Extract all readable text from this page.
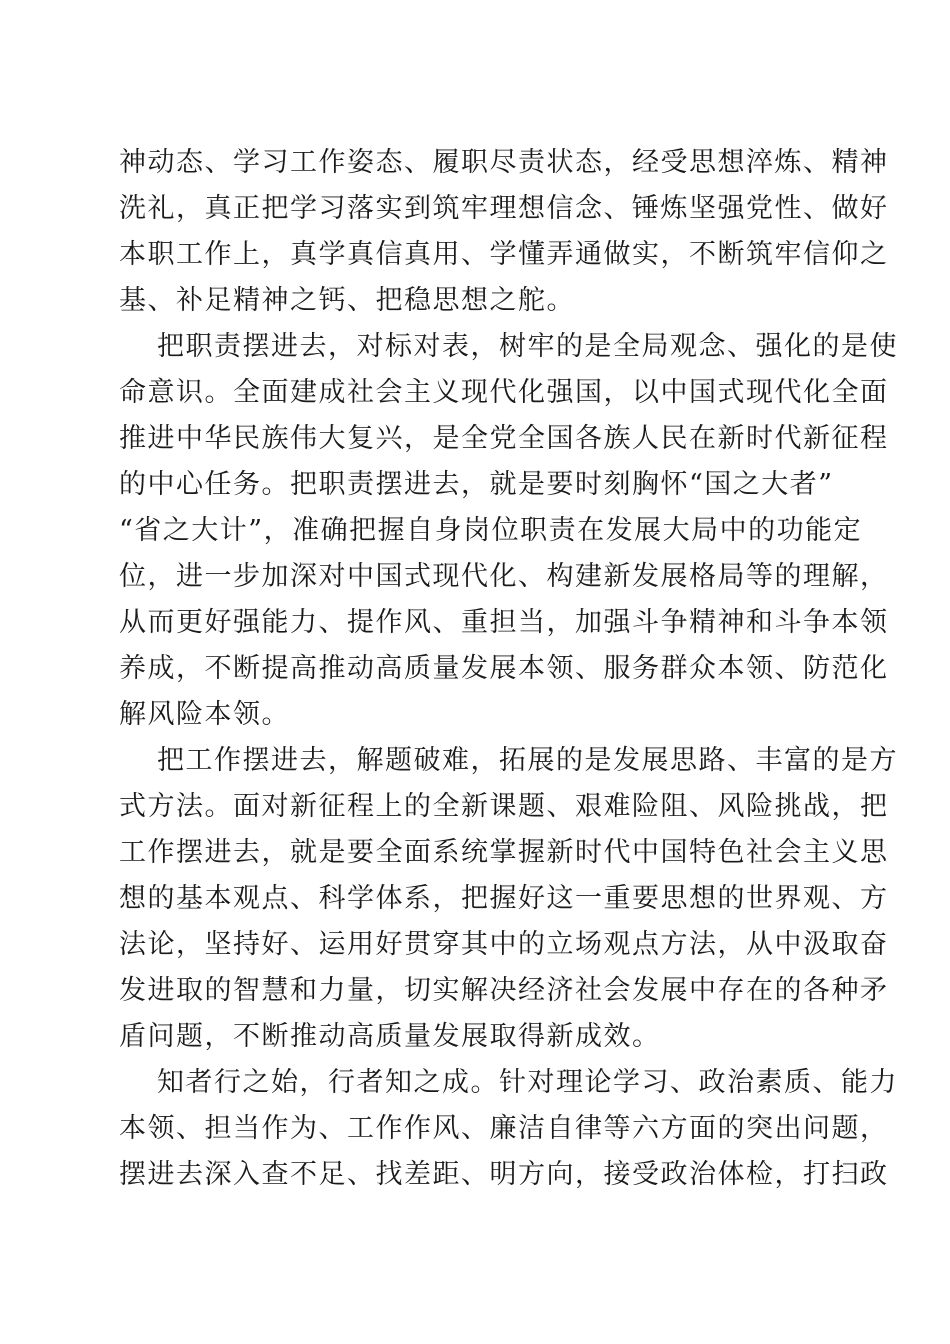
神动态、学习工作姿态、履职尽责状态，经受思想淬炼、精神
洗礼，真正把学习落实到筑牢理想信念、锤炼坚强党性、做好
本职工作上，真学真信真用、学懂弄通做实，不断筑牢信仰之
基、补足精神之钙、把稳思想之舵。
把职责摆进去，对标对表，树牢的是全局观念、强化的是使
命意识。全面建成社会主义现代化强国，以中国式现代化全面
推进中华民族伟大复兴，是全党全国各族人民在新时代新征程
的中心任务。把职责摆进去，就是要时刻胸怀“国之大者”
“省之大计”，准确把握自身岗位职责在发展大局中的功能定
位，进一步加深对中国式现代化、构建新发展格局等的理解，
从而更好强能力、提作风、重担当，加强斗争精神和斗争本领
养成，不断提高推动高质量发展本领、服务群众本领、防范化
解风险本领。
把工作摆进去，解题破难，拓展的是发展思路、丰富的是方
式方法。面对新征程上的全新课题、艰难险阻、风险挑战，把
工作摆进去，就是要全面系统掌握新时代中国特色社会主义思
想的基本观点、科学体系，把握好这一重要思想的世界观、方
法论，坚持好、运用好贯穿其中的立场观点方法，从中汲取奋
发进取的智慧和力量，切实解决经济社会发展中存在的各种矛
盾问题，不断推动高质量发展取得新成效。
知者行之始，行者知之成。针对理论学习、政治素质、能力
本领、担当作为、工作作风、廉洁自律等六方面的突出问题，
摆进去深入查不足、找差距、明方向，接受政治体检，打扫政
